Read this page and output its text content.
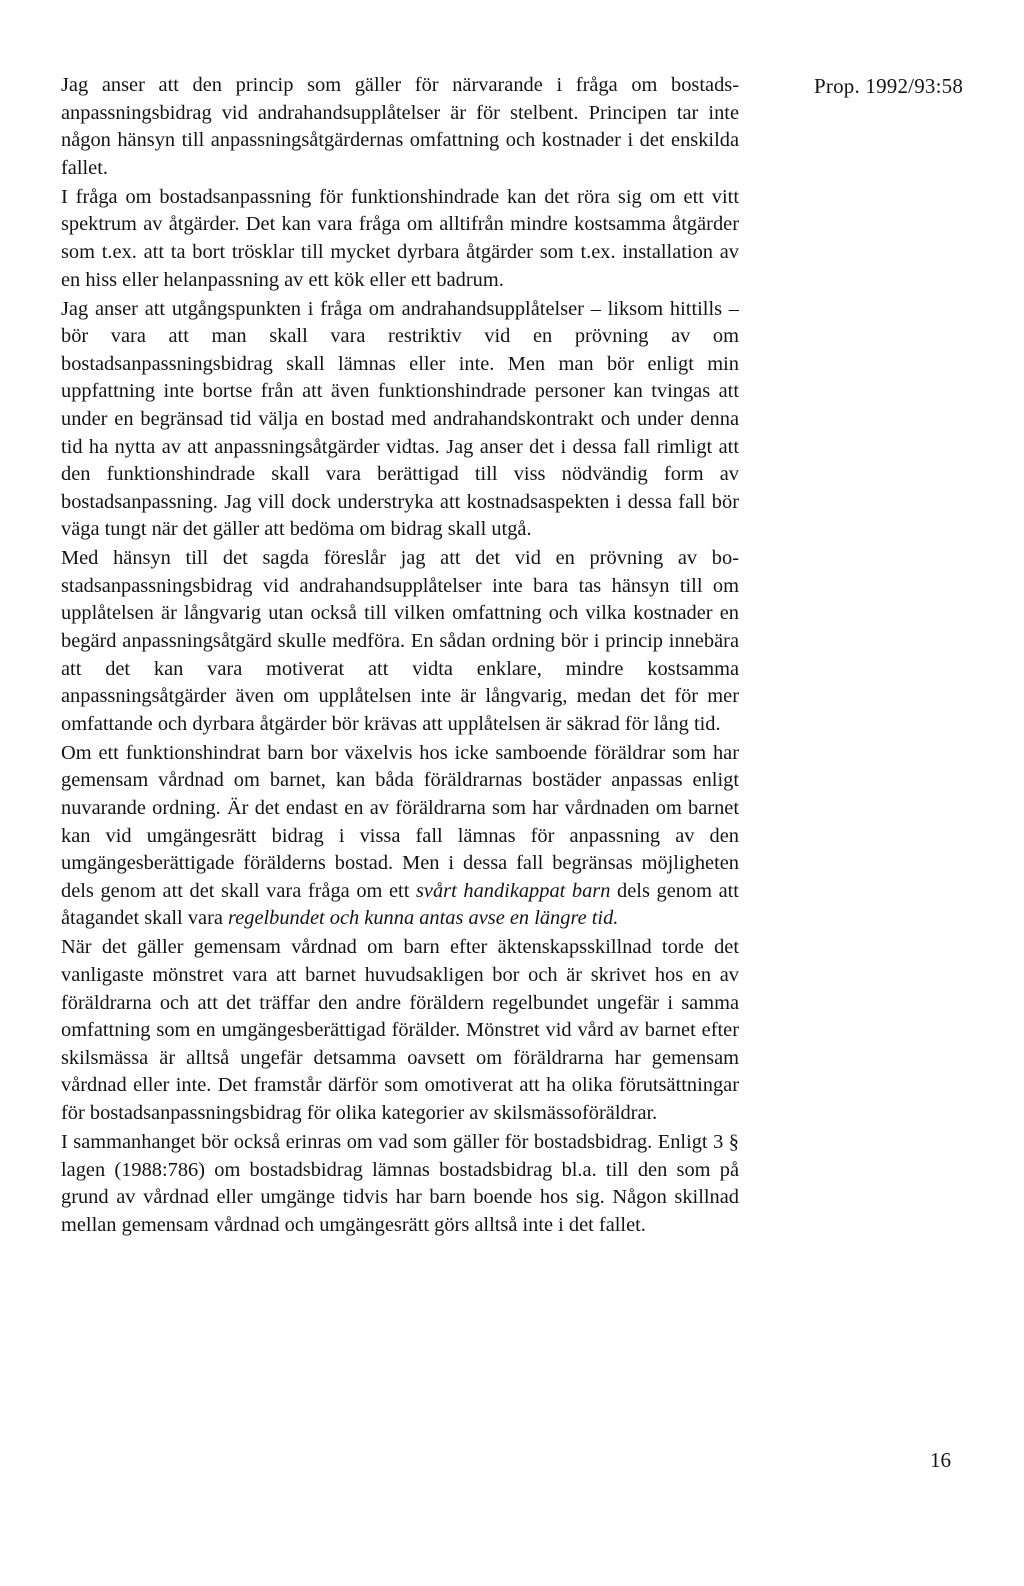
Prop. 1992/93:58

Jag anser att den princip som gäller för närvarande i fråga om bostadsanpassningsbidrag vid andrahandsupplåtelser är för stelbent. Principen tar inte någon hänsyn till anpassningsåtgärdernas omfattning och kostnader i det enskilda fallet.

I fråga om bostadsanpassning för funktionshindrade kan det röra sig om ett vitt spektrum av åtgärder. Det kan vara fråga om alltifrån mindre kostsamma åtgärder som t.ex. att ta bort trösklar till mycket dyrbara åtgärder som t.ex. installation av en hiss eller helanpassning av ett kök eller ett badrum.

Jag anser att utgångspunkten i fråga om andrahandsupplåtelser – liksom hittills – bör vara att man skall vara restriktiv vid en prövning av om bostadsanpassningsbidrag skall lämnas eller inte. Men man bör enligt min uppfattning inte bortse från att även funktionshindrade personer kan tvingas att under en begränsad tid välja en bostad med andrahandskontrakt och under denna tid ha nytta av att anpassningsåtgärder vidtas. Jag anser det i dessa fall rimligt att den funktionshindrade skall vara berättigad till viss nödvändig form av bostadsanpassning. Jag vill dock understryka att kostnadsaspekten i dessa fall bör väga tungt när det gäller att bedöma om bidrag skall utgå.

Med hänsyn till det sagda föreslår jag att det vid en prövning av bostadsanpassningsbidrag vid andrahandsupplåtelser inte bara tas hänsyn till om upplåtelsen är långvarig utan också till vilken omfattning och vilka kostnader en begärd anpassningsåtgärd skulle medföra. En sådan ordning bör i princip innebära att det kan vara motiverat att vidta enklare, mindre kostsamma anpassningsåtgärder även om upplåtelsen inte är långvarig, medan det för mer omfattande och dyrbara åtgärder bör krävas att upplåtelsen är säkrad för lång tid.

Om ett funktionshindrat barn bor växelvis hos icke samboende föräldrar som har gemensam vårdnad om barnet, kan båda föräldrarnas bostäder anpassas enligt nuvarande ordning. Är det endast en av föräldrarna som har vårdnaden om barnet kan vid umgängesrätt bidrag i vissa fall lämnas för anpassning av den umgängesberättigade förälderns bostad. Men i dessa fall begränsas möjligheten dels genom att det skall vara fråga om ett svårt handikappat barn dels genom att åtagandet skall vara regelbundet och kunna antas avse en längre tid.

När det gäller gemensam vårdnad om barn efter äktenskapsskillnad torde det vanligaste mönstret vara att barnet huvudsakligen bor och är skrivet hos en av föräldrarna och att det träffar den andre föräldern regelbundet ungefär i samma omfattning som en umgängesberättigad förälder. Mönstret vid vård av barnet efter skilsmässa är alltså ungefär detsamma oavsett om föräldrarna har gemensam vårdnad eller inte. Det framstår därför som omotiverat att ha olika förutsättningar för bostadsanpassningsbidrag för olika kategorier av skilsmässoföräldrar.

I sammanhanget bör också erinras om vad som gäller för bostadsbidrag. Enligt 3 § lagen (1988:786) om bostadsbidrag lämnas bostadsbidrag bl.a. till den som på grund av vårdnad eller umgänge tidvis har barn boende hos sig. Någon skillnad mellan gemensam vårdnad och umgängesrätt görs alltså inte i det fallet.

16
